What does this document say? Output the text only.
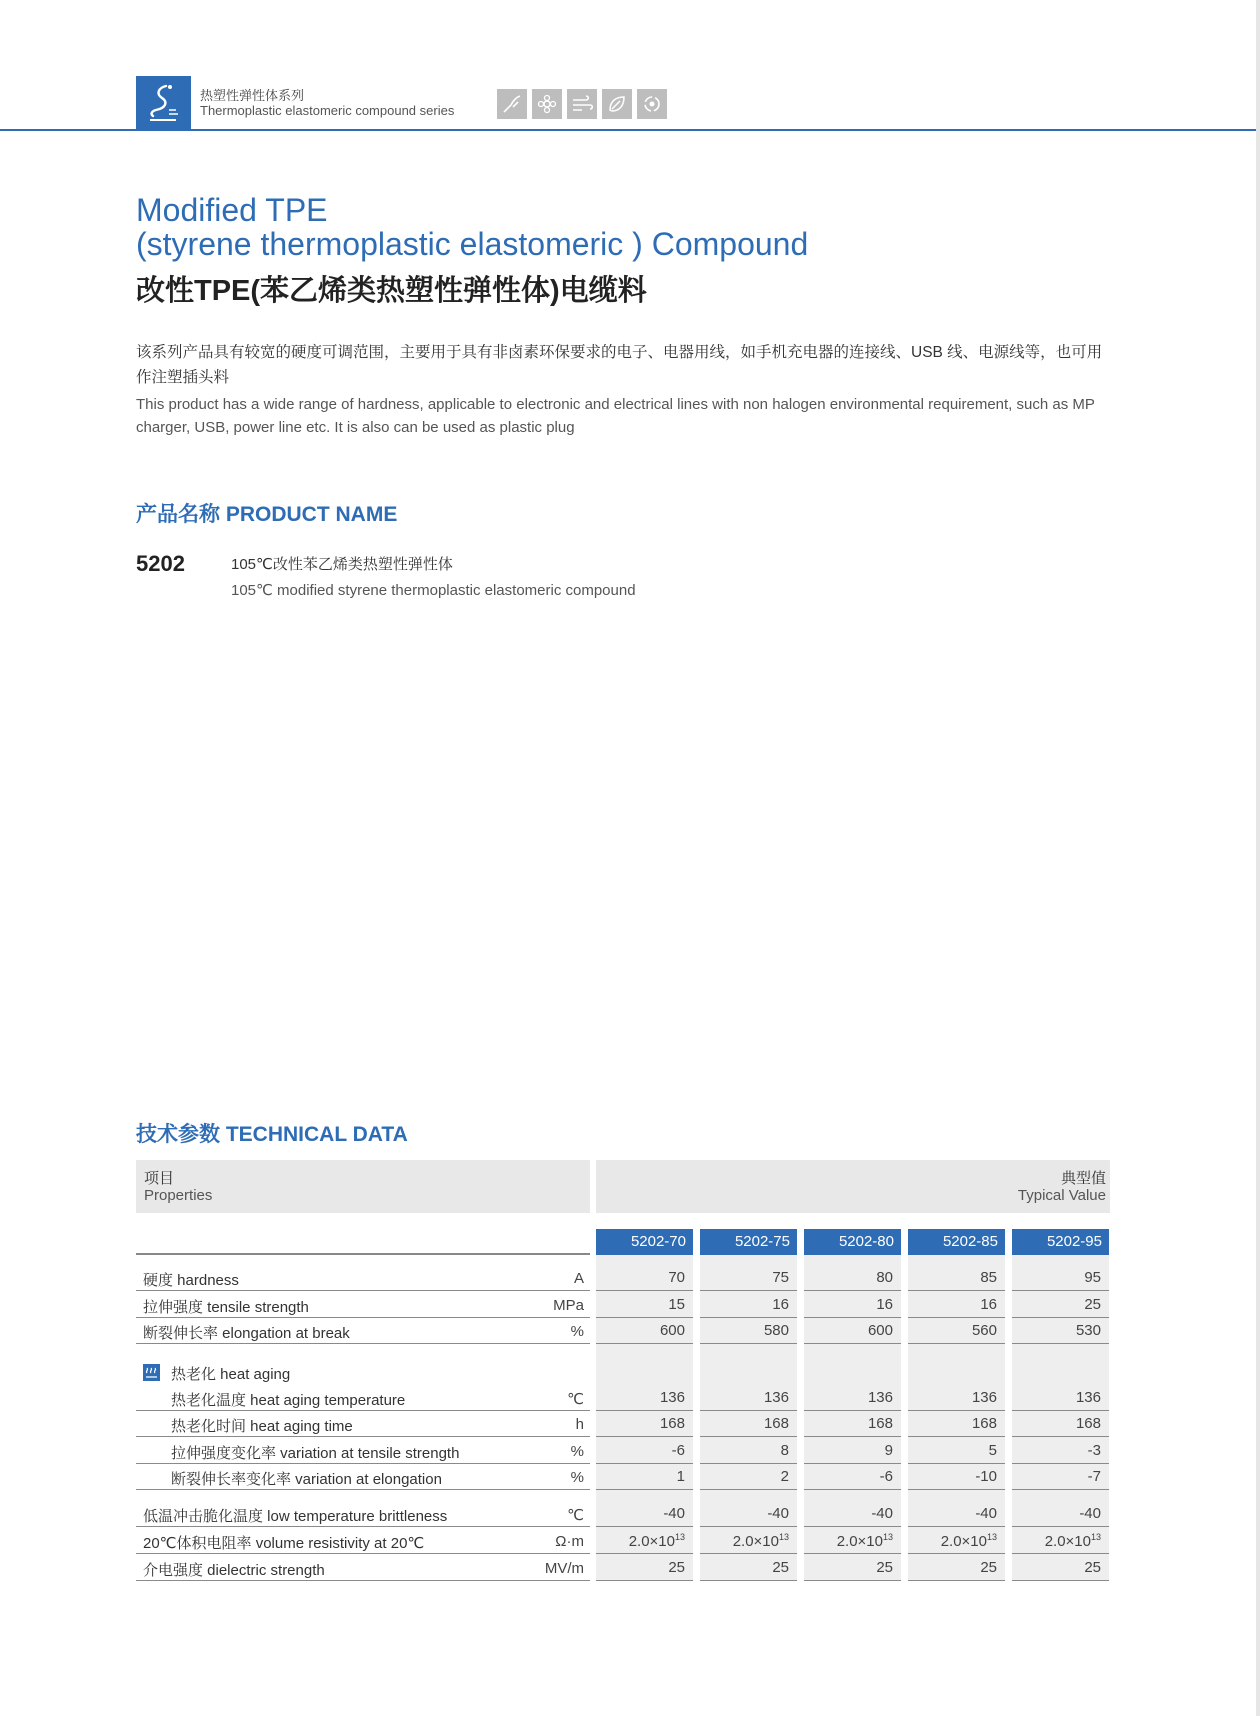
热塑性弹性体系列
Thermoplastic elastomeric compound series
Modified TPE
(styrene thermoplastic elastomeric ) Compound
改性TPE(苯乙烯类热塑性弹性体)电缆料
该系列产品具有较宽的硬度可调范围，主要用于具有非卤素环保要求的电子、电器用线，如手机充电器的连接线、USB 线、电源线等，也可用作注塑插头料
This product has a wide range of hardness, applicable to electronic and electrical lines with non halogen environmental requirement, such as MP charger, USB, power line etc. It is also can be used as plastic plug
产品名称 PRODUCT NAME
5202	105℃改性苯乙烯类热塑性弹性体
105℃ modified styrene thermoplastic elastomeric compound
技术参数 TECHNICAL DATA
项目
Properties
典型值
Typical Value
5202-70	5202-75	5202-80	5202-85	5202-95
硬度 hardness	A	70	75	80	85	95
拉伸强度 tensile strength	MPa	15	16	16	16	25
断裂伸长率 elongation at break	%	600	580	600	560	530
热老化 heat aging
热老化温度 heat aging temperature	℃	136	136	136	136	136
热老化时间 heat aging time	h	168	168	168	168	168
拉伸强度变化率 variation at tensile strength	%	-6	8	9	5	-3
断裂伸长率变化率 variation at elongation	%	1	2	-6	-10	-7
低温冲击脆化温度 low temperature brittleness	℃	-40	-40	-40	-40	-40
20℃体积电阻率 volume resistivity at 20℃	Ω·m	$2.0\times 10^{13}$	$2.0\times 10^{13}$	$2.0\times 10^{13}$	$2.0\times 10^{13}$	$2.0\times 10^{13}$
介电强度 dielectric strength	MV/m	25	25	25	25	25
